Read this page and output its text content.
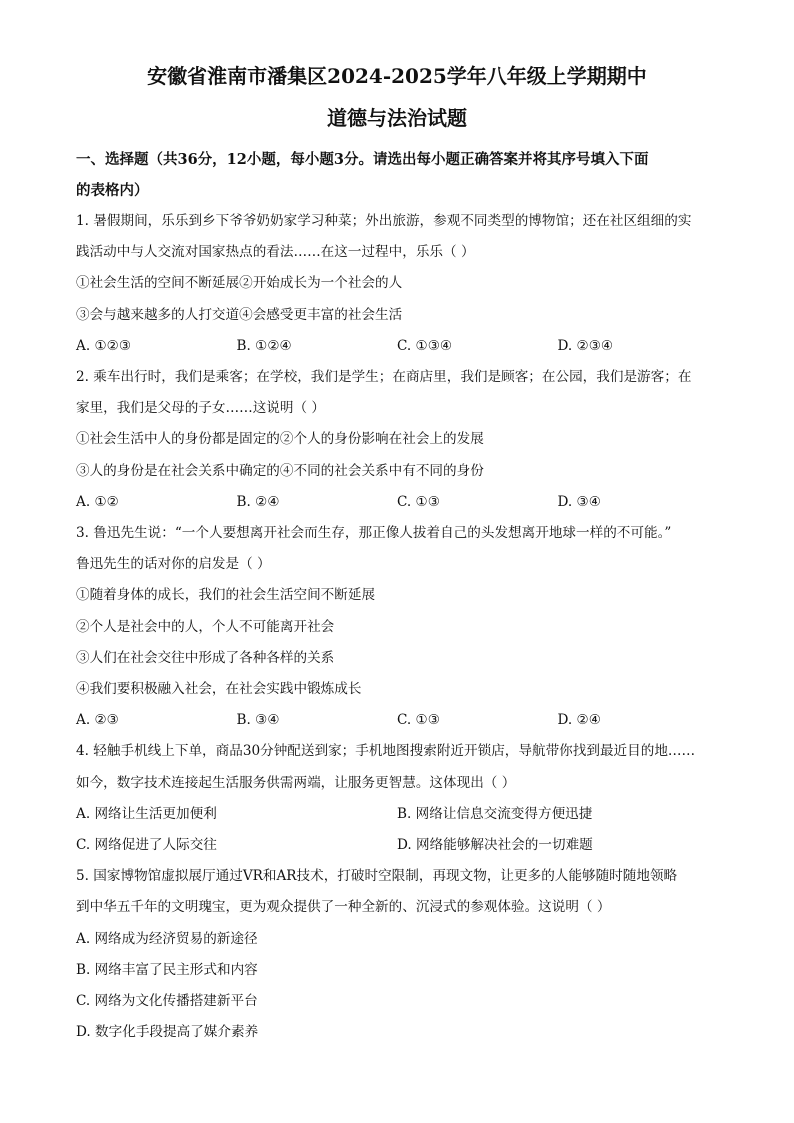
安徽省淮南市潘集区2024-2025学年八年级上学期期中
道德与法治试题

一、选择题（共36分，12小题，每小题3分。请选出每小题正确答案并将其序号填入下面

的表格内）

1. 暑假期间，乐乐到乡下爷爷奶奶家学习种菜；外出旅游，参观不同类型的博物馆；还在社区组细的实

践活动中与人交流对国家热点的看法……在这一过程中，乐乐（ ）

①社会生活的空间不断延展②开始成长为一个社会的人

③会与越来越多的人打交道④会感受更丰富的社会生活

A. ①②③	B. ①②④	C. ①③④	D. ②③④

2. 乘车出行时，我们是乘客；在学校，我们是学生；在商店里，我们是顾客；在公园，我们是游客；在

家里，我们是父母的子女……这说明（ ）

①社会生活中人的身份都是固定的②个人的身份影响在社会上的发展

③人的身份是在社会关系中确定的④不同的社会关系中有不同的身份

A. ①②	B. ②④	C. ①③	D. ③④

3. 鲁迅先生说：“一个人要想离开社会而生存，那正像人拔着自己的头发想离开地球一样的不可能。”

鲁迅先生的话对你的启发是（ ）

①随着身体的成长，我们的社会生活空间不断延展

②个人是社会中的人，个人不可能离开社会

③人们在社会交往中形成了各种各样的关系

④我们要积极融入社会，在社会实践中锻炼成长

A. ②③	B. ③④	C. ①③	D. ②④

4. 轻触手机线上下单，商品30分钟配送到家；手机地图搜索附近开锁店，导航带你找到最近目的地……

如今，数字技术连接起生活服务供需两端，让服务更智慧。这体现出（ ）

A. 网络让生活更加便利	B. 网络让信息交流变得方便迅捷
C. 网络促进了人际交往	D. 网络能够解决社会的一切难题

5. 国家博物馆虚拟展厅通过VR和AR技术，打破时空限制，再现文物，让更多的人能够随时随地领略

到中华五千年的文明瑰宝，更为观众提供了一种全新的、沉浸式的参观体验。这说明（ ）

A. 网络成为经济贸易的新途径
B. 网络丰富了民主形式和内容
C. 网络为文化传播搭建新平台
D. 数字化手段提高了媒介素养
